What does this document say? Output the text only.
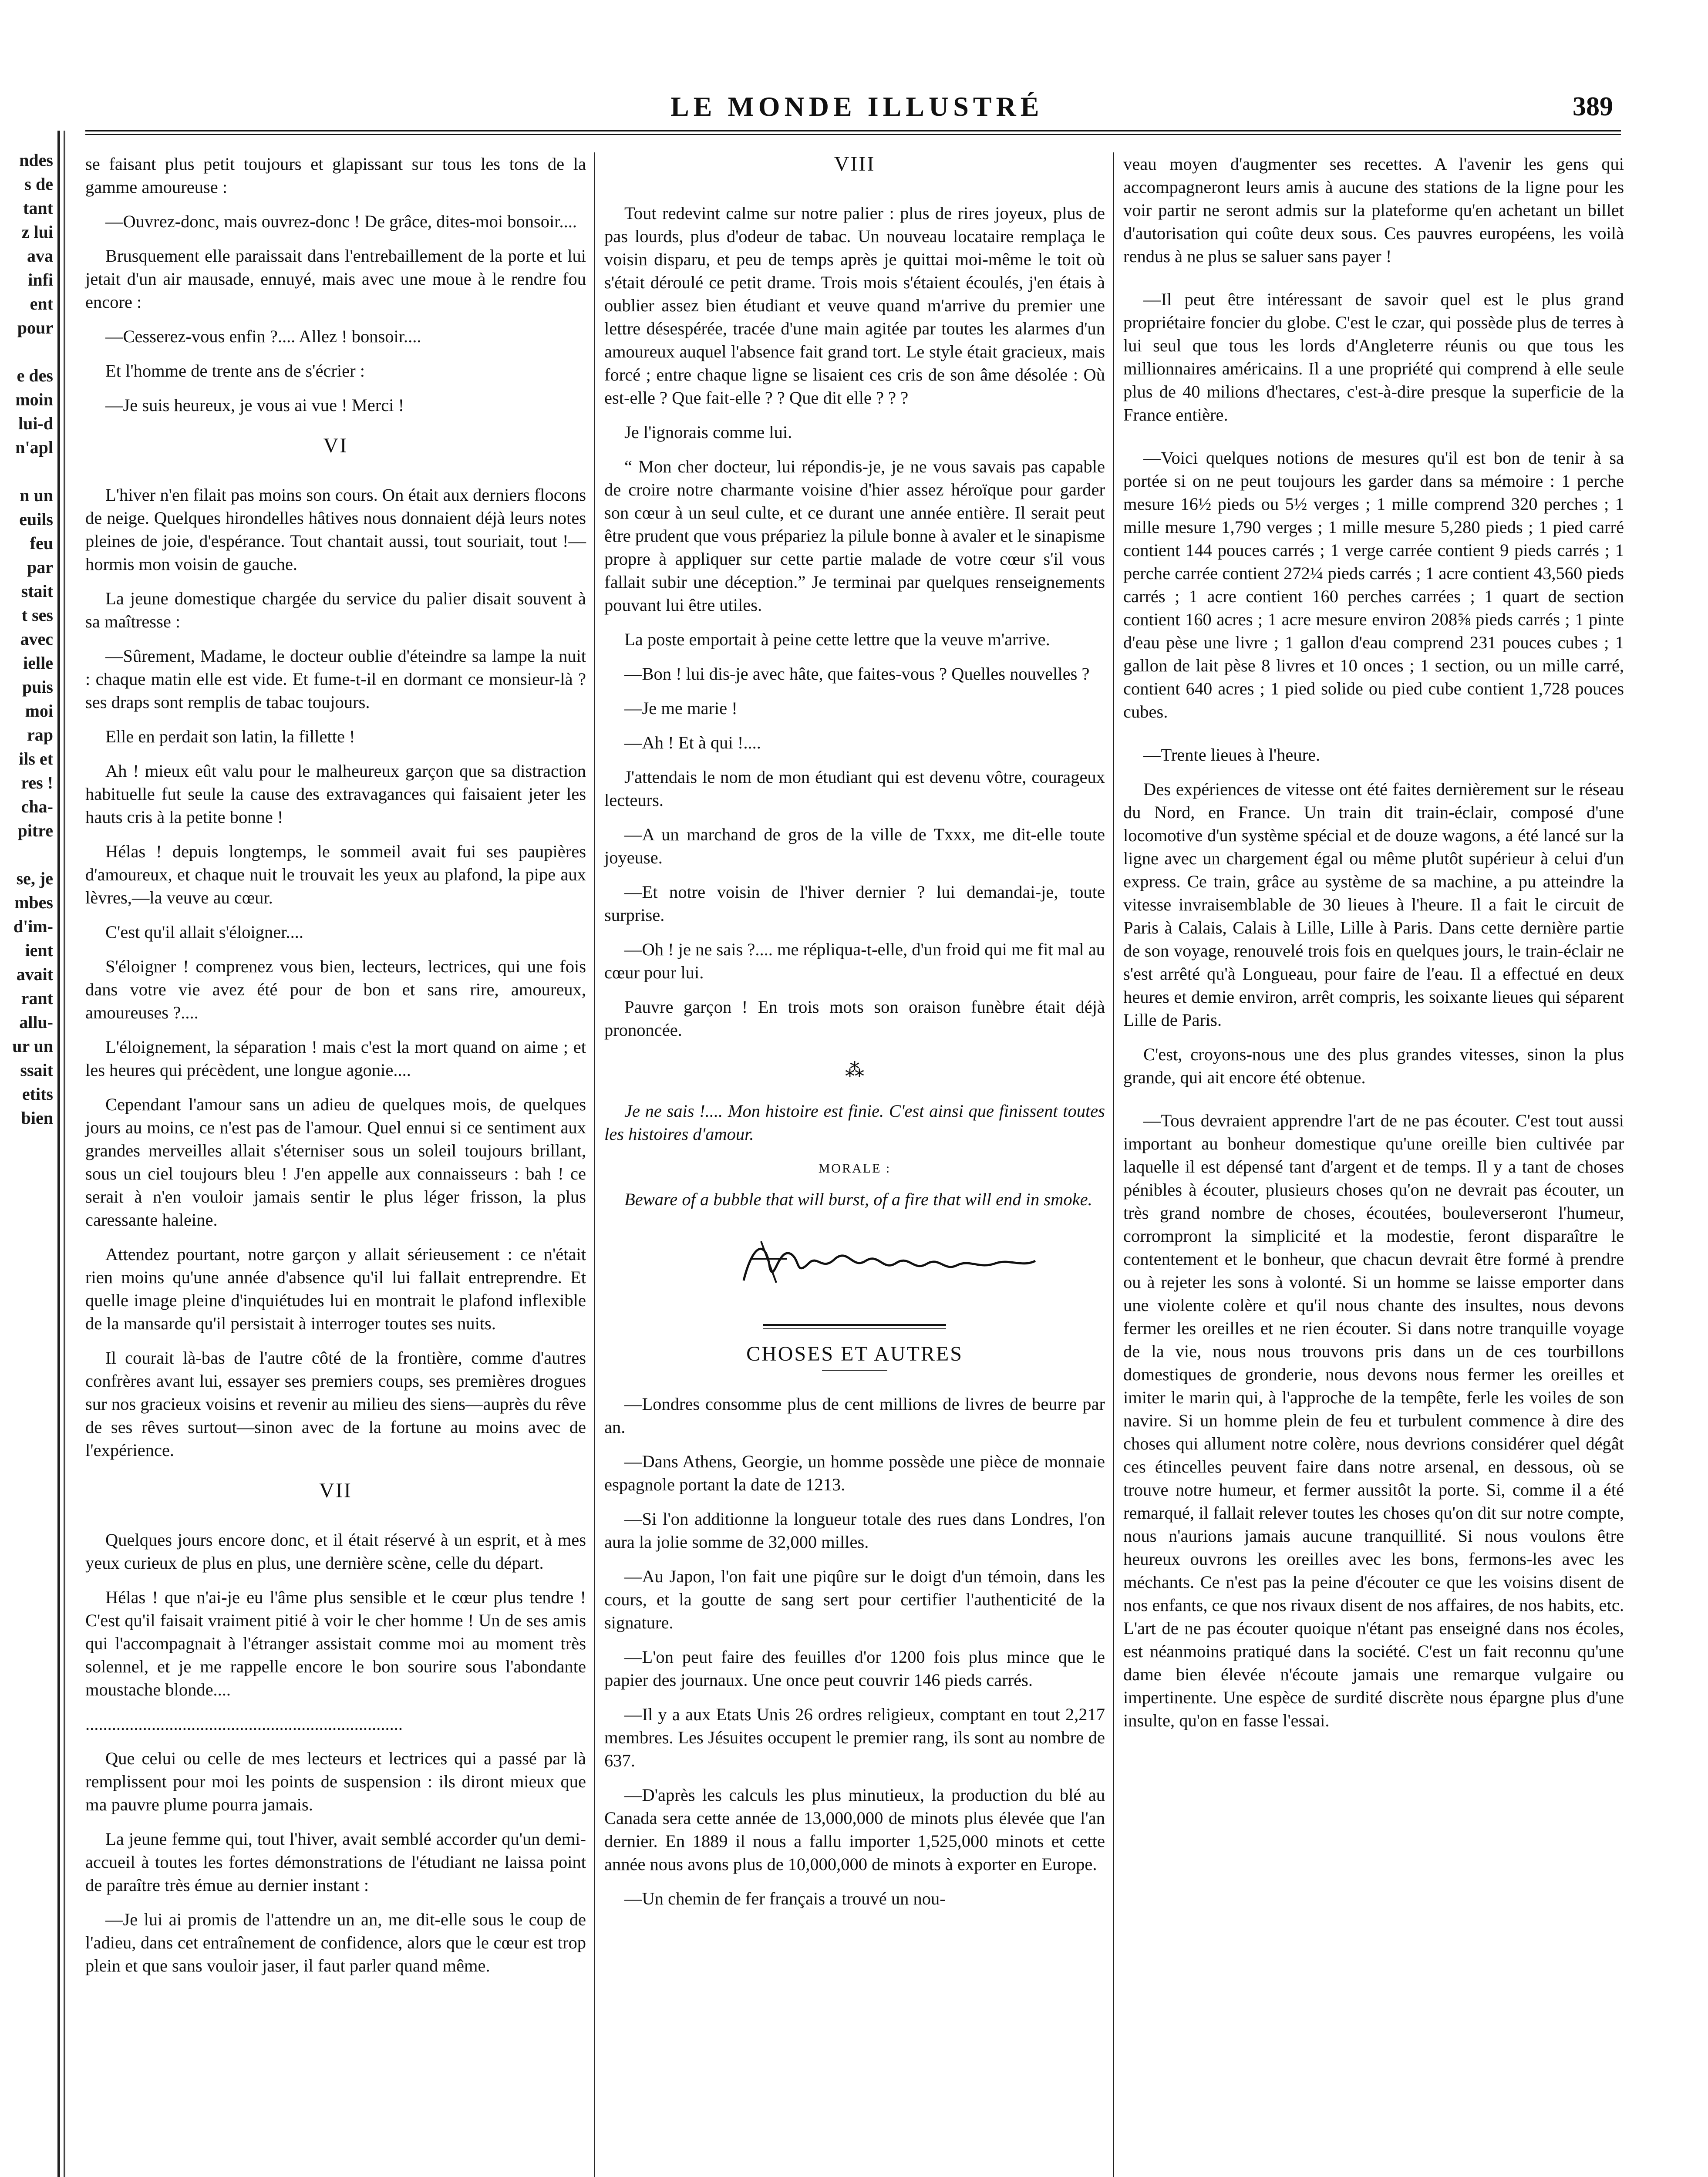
ndes
s de
tant
z lui
ava
infi
ent
pour
e des
moin
lui-d
n'apl
n un
euils
feu
par
stait
t ses
avec
ielle
puis
moi
rap
ils et
res !
cha-
pitre
se, je
mbes
d'im-
ient
avait
rant
allu-
ur un
ssait
etits
bien
LE MONDE ILLUSTRÉ	389

se faisant plus petit toujours et glapissant sur tous les tons de la gamme amoureuse :

—Ouvrez-donc, mais ouvrez-donc ! De grâce, dites-moi bonsoir....

Brusquement elle paraissait dans l'entrebaillement de la porte et lui jetait d'un air mausade, ennuyé, mais avec une moue à le rendre fou encore :

—Cesserez-vous enfin ?.... Allez ! bonsoir....

Et l'homme de trente ans de s'écrier :

—Je suis heureux, je vous ai vue ! Merci !

VI

L'hiver n'en filait pas moins son cours. On était aux derniers flocons de neige. Quelques hirondelles hâtives nous donnaient déjà leurs notes pleines de joie, d'espérance. Tout chantait aussi, tout souriait, tout !—hormis mon voisin de gauche.

La jeune domestique chargée du service du palier disait souvent à sa maîtresse :

—Sûrement, Madame, le docteur oublie d'éteindre sa lampe la nuit : chaque matin elle est vide. Et fume-t-il en dormant ce monsieur-là ? ses draps sont remplis de tabac toujours.

Elle en perdait son latin, la fillette !

Ah ! mieux eût valu pour le malheureux garçon que sa distraction habituelle fut seule la cause des extravagances qui faisaient jeter les hauts cris à la petite bonne !

Hélas ! depuis longtemps, le sommeil avait fui ses paupières d'amoureux, et chaque nuit le trouvait les yeux au plafond, la pipe aux lèvres,—la veuve au cœur.

C'est qu'il allait s'éloigner....

S'éloigner ! comprenez vous bien, lecteurs, lectrices, qui une fois dans votre vie avez été pour de bon et sans rire, amoureux, amoureuses ?....

L'éloignement, la séparation ! mais c'est la mort quand on aime ; et les heures qui précèdent, une longue agonie....

Cependant l'amour sans un adieu de quelques mois, de quelques jours au moins, ce n'est pas de l'amour. Quel ennui si ce sentiment aux grandes merveilles allait s'éterniser sous un soleil toujours brillant, sous un ciel toujours bleu ! J'en appelle aux connaisseurs : bah ! ce serait à n'en vouloir jamais sentir le plus léger frisson, la plus caressante haleine.

Attendez pourtant, notre garçon y allait sérieusement : ce n'était rien moins qu'une année d'absence qu'il lui fallait entreprendre. Et quelle image pleine d'inquiétudes lui en montrait le plafond inflexible de la mansarde qu'il persistait à interroger toutes ses nuits.

Il courait là-bas de l'autre côté de la frontière, comme d'autres confrères avant lui, essayer ses premiers coups, ses premières drogues sur nos gracieux voisins et revenir au milieu des siens—auprès du rêve de ses rêves surtout—sinon avec de la fortune au moins avec de l'expérience.

VII

Quelques jours encore donc, et il était réservé à un esprit, et à mes yeux curieux de plus en plus, une dernière scène, celle du départ.

Hélas ! que n'ai-je eu l'âme plus sensible et le cœur plus tendre ! C'est qu'il faisait vraiment pitié à voir le cher homme ! Un de ses amis qui l'accompagnait à l'étranger assistait comme moi au moment très solennel, et je me rappelle encore le bon sourire sous l'abondante moustache blonde....

........................................................................

Que celui ou celle de mes lecteurs et lectrices qui a passé par là remplissent pour moi les points de suspension : ils diront mieux que ma pauvre plume pourra jamais.

La jeune femme qui, tout l'hiver, avait semblé accorder qu'un demi-accueil à toutes les fortes démonstrations de l'étudiant ne laissa point de paraître très émue au dernier instant :

—Je lui ai promis de l'attendre un an, me dit-elle sous le coup de l'adieu, dans cet entraînement de confidence, alors que le cœur est trop plein et que sans vouloir jaser, il faut parler quand même.

VIII

Tout redevint calme sur notre palier : plus de rires joyeux, plus de pas lourds, plus d'odeur de tabac. Un nouveau locataire remplaça le voisin disparu, et peu de temps après je quittai moi-même le toit où s'était déroulé ce petit drame. Trois mois s'étaient écoulés, j'en étais à oublier assez bien étudiant et veuve quand m'arrive du premier une lettre désespérée, tracée d'une main agitée par toutes les alarmes d'un amoureux auquel l'absence fait grand tort. Le style était gracieux, mais forcé ; entre chaque ligne se lisaient ces cris de son âme désolée : Où est-elle ? Que fait-elle ? ? Que dit elle ? ? ?

Je l'ignorais comme lui.

“ Mon cher docteur, lui répondis-je, je ne vous savais pas capable de croire notre charmante voisine d'hier assez héroïque pour garder son cœur à un seul culte, et ce durant une année entière. Il serait peut être prudent que vous prépariez la pilule bonne à avaler et le sinapisme propre à appliquer sur cette partie malade de votre cœur s'il vous fallait subir une déception.” Je terminai par quelques renseignements pouvant lui être utiles.

La poste emportait à peine cette lettre que la veuve m'arrive.

—Bon ! lui dis-je avec hâte, que faites-vous ? Quelles nouvelles ?

—Je me marie !

—Ah ! Et à qui !....

J'attendais le nom de mon étudiant qui est devenu vôtre, courageux lecteurs.

—A un marchand de gros de la ville de Txxx, me dit-elle toute joyeuse.

—Et notre voisin de l'hiver dernier ? lui demandai-je, toute surprise.

—Oh ! je ne sais ?.... me répliqua-t-elle, d'un froid qui me fit mal au cœur pour lui.

Pauvre garçon ! En trois mots son oraison funèbre était déjà prononcée.

⁂

Je ne sais !.... Mon histoire est finie. C'est ainsi que finissent toutes les histoires d'amour.

MORALE :

Beware of a bubble that will burst, of a fire that will end in smoke.

CHOSES ET AUTRES

—Londres consomme plus de cent millions de livres de beurre par an.

—Dans Athens, Georgie, un homme possède une pièce de monnaie espagnole portant la date de 1213.

—Si l'on additionne la longueur totale des rues dans Londres, l'on aura la jolie somme de 32,000 milles.

—Au Japon, l'on fait une piqûre sur le doigt d'un témoin, dans les cours, et la goutte de sang sert pour certifier l'authenticité de la signature.

—L'on peut faire des feuilles d'or 1200 fois plus mince que le papier des journaux. Une once peut couvrir 146 pieds carrés.

—Il y a aux Etats Unis 26 ordres religieux, comptant en tout 2,217 membres. Les Jésuites occupent le premier rang, ils sont au nombre de 637.

—D'après les calculs les plus minutieux, la production du blé au Canada sera cette année de 13,000,000 de minots plus élevée que l'an dernier. En 1889 il nous a fallu importer 1,525,000 minots et cette année nous avons plus de 10,000,000 de minots à exporter en Europe.

—Un chemin de fer français a trouvé un nou-

veau moyen d'augmenter ses recettes. A l'avenir les gens qui accompagneront leurs amis à aucune des stations de la ligne pour les voir partir ne seront admis sur la plateforme qu'en achetant un billet d'autorisation qui coûte deux sous. Ces pauvres européens, les voilà rendus à ne plus se saluer sans payer !

—Il peut être intéressant de savoir quel est le plus grand propriétaire foncier du globe. C'est le czar, qui possède plus de terres à lui seul que tous les lords d'Angleterre réunis ou que tous les millionnaires américains. Il a une propriété qui comprend à elle seule plus de 40 milions d'hectares, c'est-à-dire presque la superficie de la France entière.

—Voici quelques notions de mesures qu'il est bon de tenir à sa portée si on ne peut toujours les garder dans sa mémoire : 1 perche mesure 16½ pieds ou 5½ verges ; 1 mille comprend 320 perches ; 1 mille mesure 1,790 verges ; 1 mille mesure 5,280 pieds ; 1 pied carré contient 144 pouces carrés ; 1 verge carrée contient 9 pieds carrés ; 1 perche carrée contient 272¼ pieds carrés ; 1 acre contient 43,560 pieds carrés ; 1 acre contient 160 perches carrées ; 1 quart de section contient 160 acres ; 1 acre mesure environ 208⅝ pieds carrés ; 1 pinte d'eau pèse une livre ; 1 gallon d'eau comprend 231 pouces cubes ; 1 gallon de lait pèse 8 livres et 10 onces ; 1 section, ou un mille carré, contient 640 acres ; 1 pied solide ou pied cube contient 1,728 pouces cubes.

—Trente lieues à l'heure.

Des expériences de vitesse ont été faites dernièrement sur le réseau du Nord, en France. Un train dit train-éclair, composé d'une locomotive d'un système spécial et de douze wagons, a été lancé sur la ligne avec un chargement égal ou même plutôt supérieur à celui d'un express. Ce train, grâce au système de sa machine, a pu atteindre la vitesse invraisemblable de 30 lieues à l'heure. Il a fait le circuit de Paris à Calais, Calais à Lille, Lille à Paris. Dans cette dernière partie de son voyage, renouvelé trois fois en quelques jours, le train-éclair ne s'est arrêté qu'à Longueau, pour faire de l'eau. Il a effectué en deux heures et demie environ, arrêt compris, les soixante lieues qui séparent Lille de Paris.

C'est, croyons-nous une des plus grandes vitesses, sinon la plus grande, qui ait encore été obtenue.

—Tous devraient apprendre l'art de ne pas écouter. C'est tout aussi important au bonheur domestique qu'une oreille bien cultivée par laquelle il est dépensé tant d'argent et de temps. Il y a tant de choses pénibles à écouter, plusieurs choses qu'on ne devrait pas écouter, un très grand nombre de choses, écoutées, bouleverseront l'humeur, corrompront la simplicité et la modestie, feront disparaître le contentement et le bonheur, que chacun devrait être formé à prendre ou à rejeter les sons à volonté. Si un homme se laisse emporter dans une violente colère et qu'il nous chante des insultes, nous devons fermer les oreilles et ne rien écouter. Si dans notre tranquille voyage de la vie, nous nous trouvons pris dans un de ces tourbillons domestiques de gronderie, nous devons nous fermer les oreilles et imiter le marin qui, à l'approche de la tempête, ferle les voiles de son navire. Si un homme plein de feu et turbulent commence à dire des choses qui allument notre colère, nous devrions considérer quel dégât ces étincelles peuvent faire dans notre arsenal, en dessous, où se trouve notre humeur, et fermer aussitôt la porte. Si, comme il a été remarqué, il fallait relever toutes les choses qu'on dit sur notre compte, nous n'aurions jamais aucune tranquillité. Si nous voulons être heureux ouvrons les oreilles avec les bons, fermons-les avec les méchants. Ce n'est pas la peine d'écouter ce que les voisins disent de nos enfants, ce que nos rivaux disent de nos affaires, de nos habits, etc. L'art de ne pas écouter quoique n'étant pas enseigné dans nos écoles, est néanmoins pratiqué dans la société. C'est un fait reconnu qu'une dame bien élevée n'écoute jamais une remarque vulgaire ou impertinente. Une espèce de surdité discrète nous épargne plus d'une insulte, qu'on en fasse l'essai.
